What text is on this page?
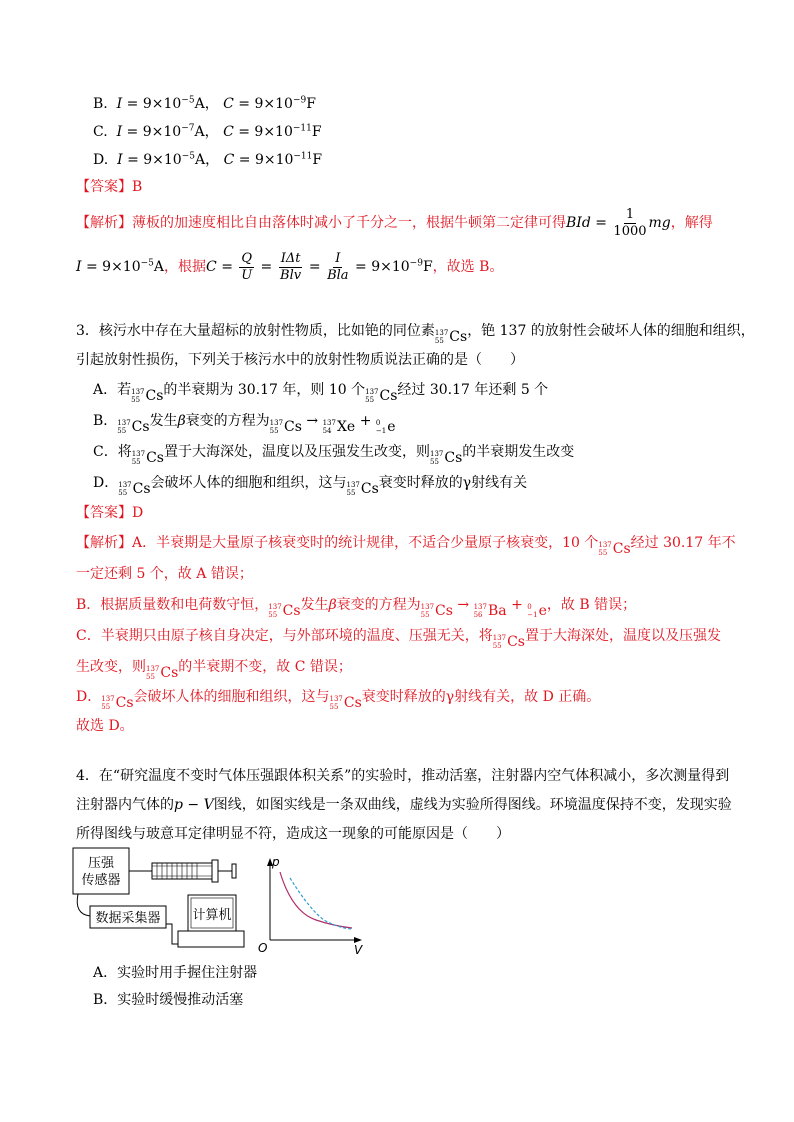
B. $I = 9\times 10^{-5}A$， $C = 9\times 10^{-9}F$
C. $I = 9\times 10^{-7}A$， $C = 9\times 10^{-11}F$
D. $I = 9\times 10^{-5}A$， $C = 9\times 10^{-11}F$
【答案】B
【解析】薄板的加速度相比自由落体时减小了千分之一，根据牛顿第二定律可得BId = $\frac{1}{1000}$ mg，解得
$I = 9\times 10^{-5}A$，根据$C = \frac{Q}{U} = \frac{\text{IΔt}}{\text{Blv}} = \frac{I}{\text{Bla}} = 9\times 10^{-9}F$，故选 B。
3．核污水中存在大量超标的放射性物质，比如铯的同位素 137
55 Cs ，铯 137 的放射性会破坏人体的细胞和组织，
引起放射性损伤，下列关于核污水中的放射性物质说法正确的是（　　）
A．若 137
55 Cs 的半衰期为 30.17 年，则 10 个 137
55 Cs 经过 30.17 年还剩 5 个
B． 137
55 Cs 发生β衰变的方程为 137
55 Cs → 137
54 Xe + 0
−1 e
C．将 137
55 Cs 置于大海深处，温度以及压强发生改变，则 137
55 Cs 的半衰期发生改变
D． 137
55 Cs 会破坏人体的细胞和组织，这与 137
55 Cs 衰变时释放的γ射线有关
【答案】D
【解析】A．半衰期是大量原子核衰变时的统计规律，不适合少量原子核衰变，10 个 137
55 Cs 经过 30.17 年不
一定还剩 5 个，故 A 错误；
B．根据质量数和电荷数守恒， 137
55 Cs 发生β衰变的方程为 137
55 Cs → 137
56 Ba + 0
−1 e ，故 B 错误；
C．半衰期只由原子核自身决定，与外部环境的温度、压强无关，将 137
55 Cs 置于大海深处，温度以及压强发
生改变，则 137
55 Cs 的半衰期不变，故 C 错误；
D． 137
55 Cs 会破坏人体的细胞和组织，这与 137
55 Cs 衰变时释放的γ射线有关，故 D 正确。
故选 D。
4．在“研究温度不变时气体压强跟体积关系”的实验时，推动活塞，注射器内空气体积减小，多次测量得到
注射器内气体的p − V图线，如图实线是一条双曲线，虚线为实验所得图线。环境温度保持不变，发现实验
所得图线与玻意耳定律明显不符，造成这一现象的可能原因是（　　）
压强
传感器
数据采集器 计算机
p
V
O
A．实验时用手握住注射器
B．实验时缓慢推动活塞
